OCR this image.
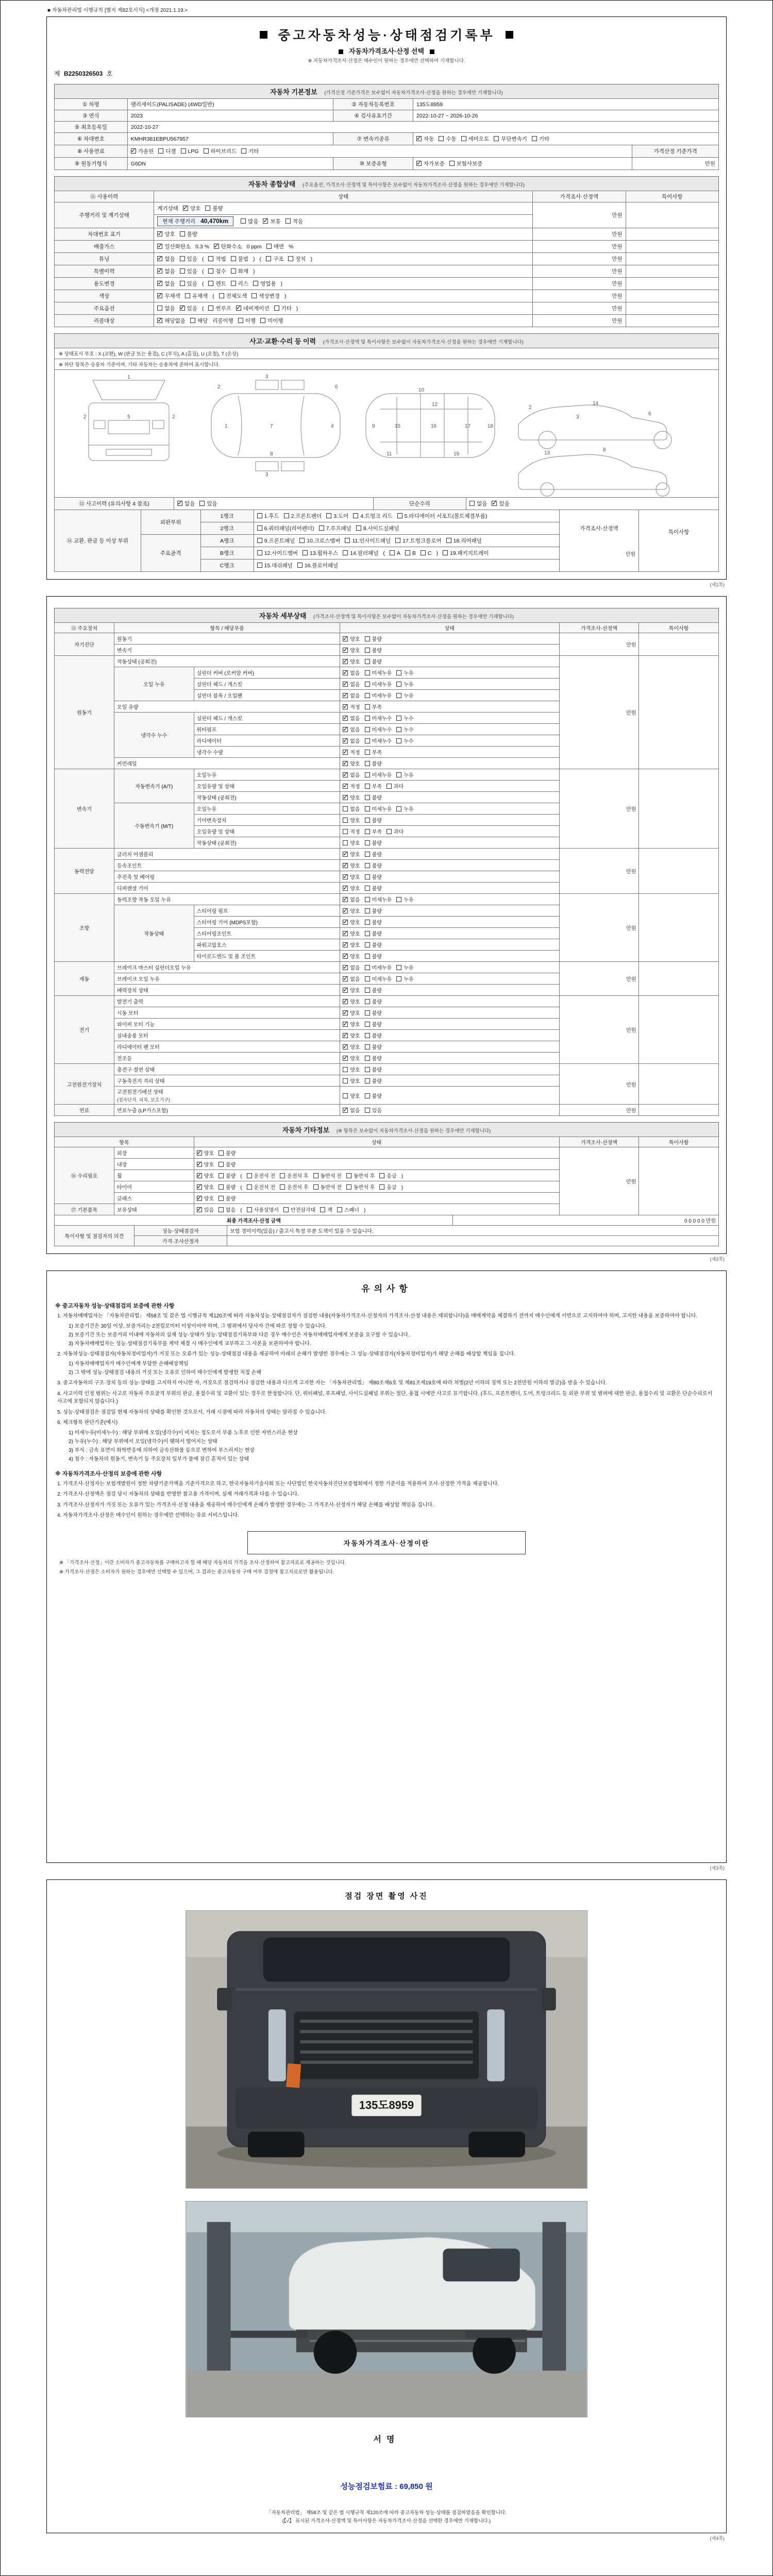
■ 자동차관리법 시행규칙 [별지 제82호서식] <개정 2021.1.19.>
중고자동차성능·상태점검기록부
자동차가격조사·산정 선택
※ 자동차가격조사·산정은 매수인이 원하는 경우에만 선택하여 기재합니다.
제 B2250326503 호
자동차 기본정보 (가격산정 기준가격은 보수없이 자동차가격조사·산정을 원하는 경우에만 기재합니다)
① 차명	팰리세이드(PALISADE) (4WD일반)	② 자동차등록번호	135도8959	
③ 연식	2023	④ 검사유효기간	2022-10-27 ~ 2026-10-26	
⑤ 최초등록일	2022-10-27			
⑥ 차대번호	KMHR381EBPU567957	⑦ 변속기종류	✓자동 수동 세미오토 무단변속기 기타
⑧ 사용연료	✓가솔린 디젤 LPG 하이브리드 기타			가격산정 기준가격
⑨ 원동기형식	G6DN	⑩ 보증유형	✓자가보증 보험사보증	만원
자동차 종합상태 (주요옵션, 가격조사·산정액 및 특이사항은 보수없이 자동차가격조사·산정을 원하는 경우에만 기재합니다)
⑪ 사용이력	상태	가격조사·산정액	특이사항
주행거리 및 계기상태	계기상태 ✓ 양호 불량	만원	
	현재 주행거리 40,470km 많음 ✓ 보통 적음
차대번호 표기	✓양호 불량	만원	
배출가스	✓일산화탄소 0.3 % ✓ 탄화수소 0 ppm 매연 %	만원	
튜닝	✓없음 있음 ( 적법 불법 ) ( 구조 장치 )	만원	
특별이력	✓없음 있음 ( 침수 화재 )	만원	
용도변경	✓없음 있음 ( 렌트 리스 영업용 )	만원	
색상	✓무채색 유채색 ( 전체도색 색상변경 )	만원	
주요옵션	없음 ✓ 있음 ( 썬루프 ✓ 네비게이션 기타 )	만원	
리콜대상	✓해당없음 해당 리콜이행 이행 미이행	만원	
사고·교환·수리 등 이력 (가격조사·산정액 및 특이사항은 보수없이 자동차가격조사·산정을 원하는 경우에만 기재합니다)
※ 상태표시 부호 : X (교환), W (판금 또는 용접), C (부식), A (흠집), U (요철), T (손상)
※ 하단 항목은 승용차 기준이며, 기타 자동차는 승용차에 준하여 표시합니다.
1
5
2	2
1	7	4
3
3
2	6
8
9
10
12
15	16	17	18
19
11
2
3
6
13
14
8
⑬ 사고이력 (유의사항 4 참조)	✓없음 있음	단순수리	없음 ✓ 있음
⑭ 교환, 판금 등 이상 부위	외판부위	1랭크	1.후드 2.프론트펜더 3.도어 4.트렁크 리드 5.라디에이터 서포트(볼트체결부품)	가격조사·산정액
만원	특이사항

		2랭크	6.쿼터패널(리어펜더) 7.루프패널 8.사이드실패널		
	주요골격	A랭크	9.프론트패널 10.크로스멤버 11.인사이드패널 17.트렁크플로어 18.리어패널		
		B랭크	12.사이드멤버 13.휠하우스 14.필러패널 ( A B C ) 19.패키지트레이		
		C랭크	15.대쉬패널 16.플로어패널		
(제1쪽)
자동차 세부상태 (가격조사·산정액 및 특이사항은 보수없이 자동차가격조사·산정을 원하는 경우에만 기재합니다)
⑮ 주요장치	항목 / 해당부품		상태	가격조사·산정액	특이사항
자기진단	원동기	✓양호 불량	만원	
	변속기	✓양호 불량
원동기	작동상태 (공회전)	✓양호 불량	만원	
	오일 누유	실린더 커버 (로커암 커버)	✓없음 미세누유 누유
		실린더 헤드 / 개스킷	✓없음 미세누유 누유
		실린더 블록 / 오일팬	✓없음 미세누유 누유
	오일 유량	✓적정 부족
	냉각수 누수	실린더 헤드 / 개스킷	✓없음 미세누수 누수
		워터펌프	✓없음 미세누수 누수
		라디에이터	✓없음 미세누수 누수
		냉각수 수량	✓적정 부족
	커먼레일	✓양호 불량
변속기	자동변속기 (A/T)	오일누유	✓없음 미세누유 누유	만원	
		오일유량 및 상태	✓적정 부족 과다
		작동상태 (공회전)	✓양호 불량
	수동변속기 (M/T)	오일누유	없음 미세누유 누유		
		기어변속장치	양호 불량		
		오일유량 및 상태	적정 부족 과다		
		작동상태 (공회전)	양호 불량		
동력전달	클러치 어셈블리	✓양호 불량	만원	
	등속조인트	✓양호 불량
	추진축 및 베어링	✓양호 불량
	디퍼렌셜 기어	✓양호 불량
조향	동력조향 작동 오일 누유	✓없음 미세누유 누유	만원	
	작동상태	스티어링 펌프	✓양호 불량
		스티어링 기어 (MDPS포함)	✓양호 불량
		스티어링조인트	✓양호 불량
		파워고압호스	✓양호 불량
		타이로드엔드 및 볼 조인트	✓양호 불량
제동	브레이크 마스터 실린더오일 누유	✓없음 미세누유 누유	만원	
	브레이크 오일 누유	✓없음 미세누유 누유
	배력장치 상태	✓양호 불량
전기	발전기 출력	✓양호 불량	만원	
	시동 모터	✓양호 불량
	와이퍼 모터 기능	✓양호 불량
	실내송풍 모터	✓양호 불량
	라디에이터 팬 모터	✓양호 불량
	전조등	✓양호 불량
고전원전기장치	충전구 절연 상태		양호 불량	만원	
	구동축전지 격리 상태		양호 불량		
	고전원전기배선 상태
(접속단자, 피복, 보호기구)		양호 불량		
연료	연료누출 (LP가스포함)	✓없음 있음	만원	
자동차 기타정보 (※ 항목은 보수없이 자동차가격조사·산정을 원하는 경우에만 기재합니다)
항목		상태	가격조사·산정액	특이사항
⑯ 수리필요	외장	✓양호 불량	만원	
	내장	✓양호 불량
	휠	✓양호 불량 ( 운전석 전 운전석 후 동반석 전 동반석 후 응급 )
	타이어	✓양호 불량 ( 운전석 전 운전석 후 동반석 전 동반석 후 응급 )
	글래스	✓양호 불량
⑰ 기본품목	보유상태	✓있음 없음 ( 사용설명서 안전삼각대 잭 스패너 )
최종 가격조사·산정 금액	0 0 0 0 0 만원
특이사항 및 점검자의 의견	성능·상태점검자	보험 경미이력(있음) / 출고시 특정 부분 도색이 있을 수 있습니다.
	가격·조사산정자	
(제2쪽)
유의사항
※ 중고자동차 성능·상태점검의 보증에 관한 사항
1. 자동차매매업자는 「자동차관리법」 제58조 및 같은 법 시행규칙 제120조에 따라 자동차성능·상태점검자가 점검한 내용(자동차가격조사·산정자의 가격조사·산정 내용은 제외합니다)을 매매계약을 체결하기 전까지 매수인에게 서면으로 고지하여야 하며, 고지한 내용을 보증하여야 합니다.
1) 보증기간은 30일 이상, 보증거리는 2천킬로미터 이상이어야 하며, 그 범위에서 당사자 간에 따로 정할 수 있습니다.
2) 보증기간 또는 보증거리 이내에 자동차의 실제 성능·상태가 성능·상태점검기록부와 다른 경우 매수인은 자동차매매업자에게 보증을 요구할 수 있습니다.
3) 자동차매매업자는 성능·상태점검기록부를 계약 체결 시 매수인에게 교부하고 그 사본을 보관하여야 합니다.
2. 자동차성능·상태점검자(자동차정비업자)가 거짓 또는 오류가 있는 성능·상태점검 내용을 제공하여 아래의 손해가 발생한 경우에는 그 성능·상태점검자(자동차정비업자)가 해당 손해를 배상할 책임을 집니다.
1) 자동차매매업자가 매수인에게 부담한 손해배상책임
2) 그 밖에 성능·상태점검 내용의 거짓 또는 오류로 인하여 매수인에게 발생한 직접 손해
3. 중고자동차의 구조·장치 등의 성능·상태를 고지하지 아니한 자, 거짓으로 점검하거나 점검한 내용과 다르게 고지한 자는 「자동차관리법」 제80조제6호 및 제81조제19호에 따라 처벌(2년 이하의 징역 또는 2천만원 이하의 벌금)을 받을 수 있습니다.
4. 사고이력 인정 범위는 사고로 자동차 주요골격 부위의 판금, 용접수리 및 교환이 있는 경우로 한정합니다. 단, 쿼터패널, 루프패널, 사이드실패널 부위는 절단, 용접 시에만 사고로 표기합니다. (후드, 프론트펜더, 도어, 트렁크리드 등 외판 부위 및 범퍼에 대한 판금, 용접수리 및 교환은 단순수리로서 사고에 포함되지 않습니다.)
5. 성능·상태점검은 점검일 현재 자동차의 상태를 확인한 것으로서, 거래 시점에 따라 자동차의 상태는 달라질 수 있습니다.
6. 체크항목 판단기준(예시)
1) 미세누유(미세누수) : 해당 부위에 오일(냉각수)이 비치는 정도로서 부품 노후로 인한 자연스러운 현상
2) 누유(누수) : 해당 부위에서 오일(냉각수)이 맺혀서 떨어지는 상태
3) 부식 : 금속 표면이 화학반응에 의하여 금속산화물 등으로 변하여 부스러지는 현상
4) 침수 : 자동차의 원동기, 변속기 등 주요장치 일부가 물에 잠긴 흔적이 있는 상태
※ 자동차가격조사·산정의 보증에 관한 사항
1. 가격조사·산정자는 보험개발원이 정한 차량기준가액을 기준가격으로 하고, 한국자동차기술사회 또는 사단법인 한국자동차진단보증협회에서 정한 기준서를 적용하여 조사·산정한 가격을 제공합니다.
2. 가격조사·산정액은 점검 당시 자동차의 상태를 반영한 참고용 가격이며, 실제 거래가격과 다를 수 있습니다.
3. 가격조사·산정자가 거짓 또는 오류가 있는 가격조사·산정 내용을 제공하여 매수인에게 손해가 발생한 경우에는 그 가격조사·산정자가 해당 손해를 배상할 책임을 집니다.
4. 자동차가격조사·산정은 매수인이 원하는 경우에만 선택하는 유료 서비스입니다.
자동차가격조사·산정이란
※ 「가격조사·산정」이란 소비자가 중고자동차를 구매하고자 할 때 해당 자동차의 가격을 조사·산정하여 참고자료로 제공하는 것입니다.
※ 가격조사·산정은 소비자가 원하는 경우에만 선택할 수 있으며, 그 결과는 중고자동차 구매 여부 결정에 참고자료로만 활용됩니다.
(제3쪽)
점검 장면 촬영 사진
135도8959
서명
성능점검보험료 : 69,850 원
「자동차관리법」 제58조 및 같은 법 시행규칙 제120조에 따라 중고자동차 성능·상태를 점검하였음을 확인합니다.
(【√】 표시된 가격조사·산정액 및 특이사항은 자동차가격조사·산정을 선택한 경우에만 기재합니다.)
(제4쪽)
